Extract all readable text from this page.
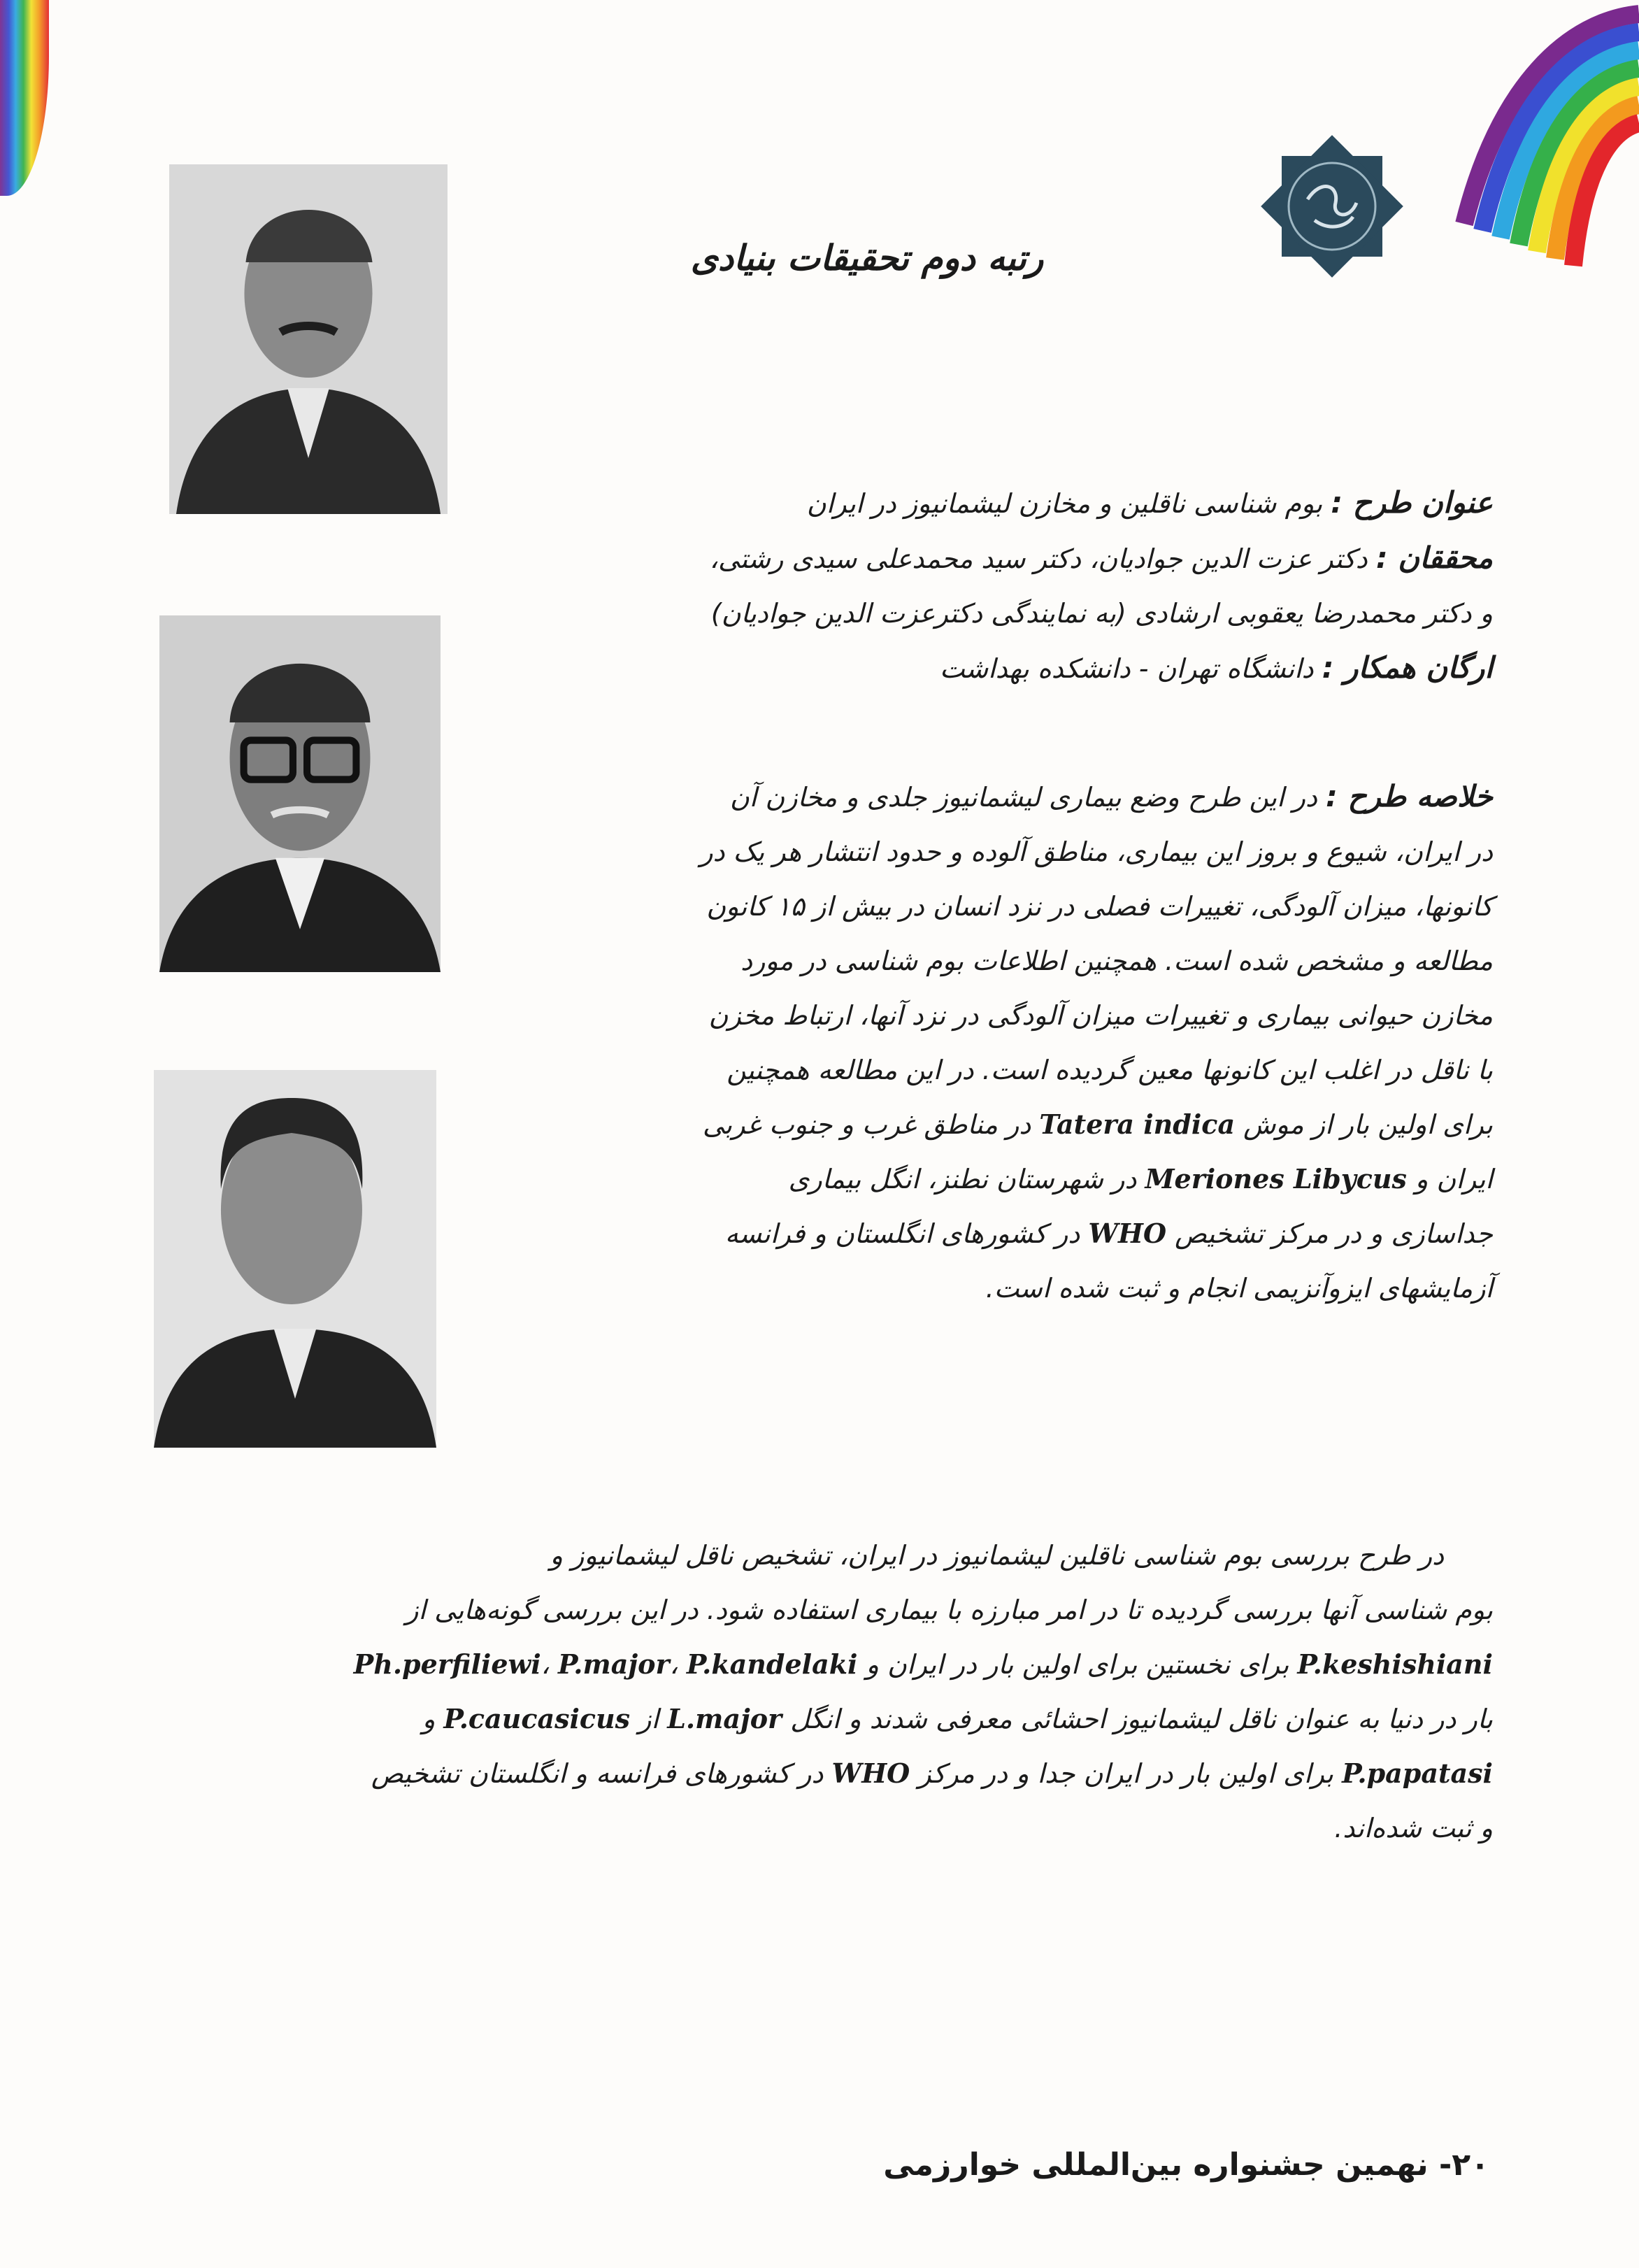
رتبه دوم تحقیقات بنیادی
عنوان طرح : بوم شناسی ناقلین و مخازن لیشمانیوز در ایران
محققان : دکتر عزت الدین جوادیان، دکتر سید محمدعلی سیدی رشتی،
و دکتر محمدرضا یعقوبی ارشادی (به نمایندگی دکترعزت الدین جوادیان)
ارگان همکار : دانشگاه تهران - دانشکده بهداشت
خلاصه طرح : در این طرح وضع بیماری لیشمانیوز جلدی و مخازن آن
در ایران، شیوع و بروز این بیماری، مناطق آلوده و حدود انتشار هر یک در
کانونها، میزان آلودگی، تغییرات فصلی در نزد انسان در بیش از ۱۵ کانون
مطالعه و مشخص شده است. همچنین اطلاعات بوم شناسی در مورد
مخازن حیوانی بیماری و تغییرات میزان آلودگی در نزد آنها، ارتباط مخزن
با ناقل در اغلب این کانونها معین گردیده است. در این مطالعه همچنین
برای اولین بار از موش Tatera indica در مناطق غرب و جنوب غربی
ایران و Meriones Libycus در شهرستان نطنز، انگل بیماری
جداسازی و در مرکز تشخیص WHO در کشورهای انگلستان و فرانسه
آزمایشهای ایزوآنزیمی انجام و ثبت شده است.
در طرح بررسی بوم شناسی ناقلین لیشمانیوز در ایران، تشخیص ناقل لیشمانیوز و
بوم شناسی آنها بررسی گردیده تا در امر مبارزه با بیماری استفاده شود. در این بررسی گونه‌هایی از
P.keshishiani برای نخستین برای اولین بار در ایران و Ph.perfiliewi، P.major، P.kandelaki
بار در دنیا به عنوان ناقل لیشمانیوز احشائی معرفی شدند و انگل L.major از P.caucasicus و
P.papatasi برای اولین بار در ایران جدا و در مرکز WHO در کشورهای فرانسه و انگلستان تشخیص
و ثبت شده‌اند.
۲۰- نهمین جشنواره بین‌المللی خوارزمی
